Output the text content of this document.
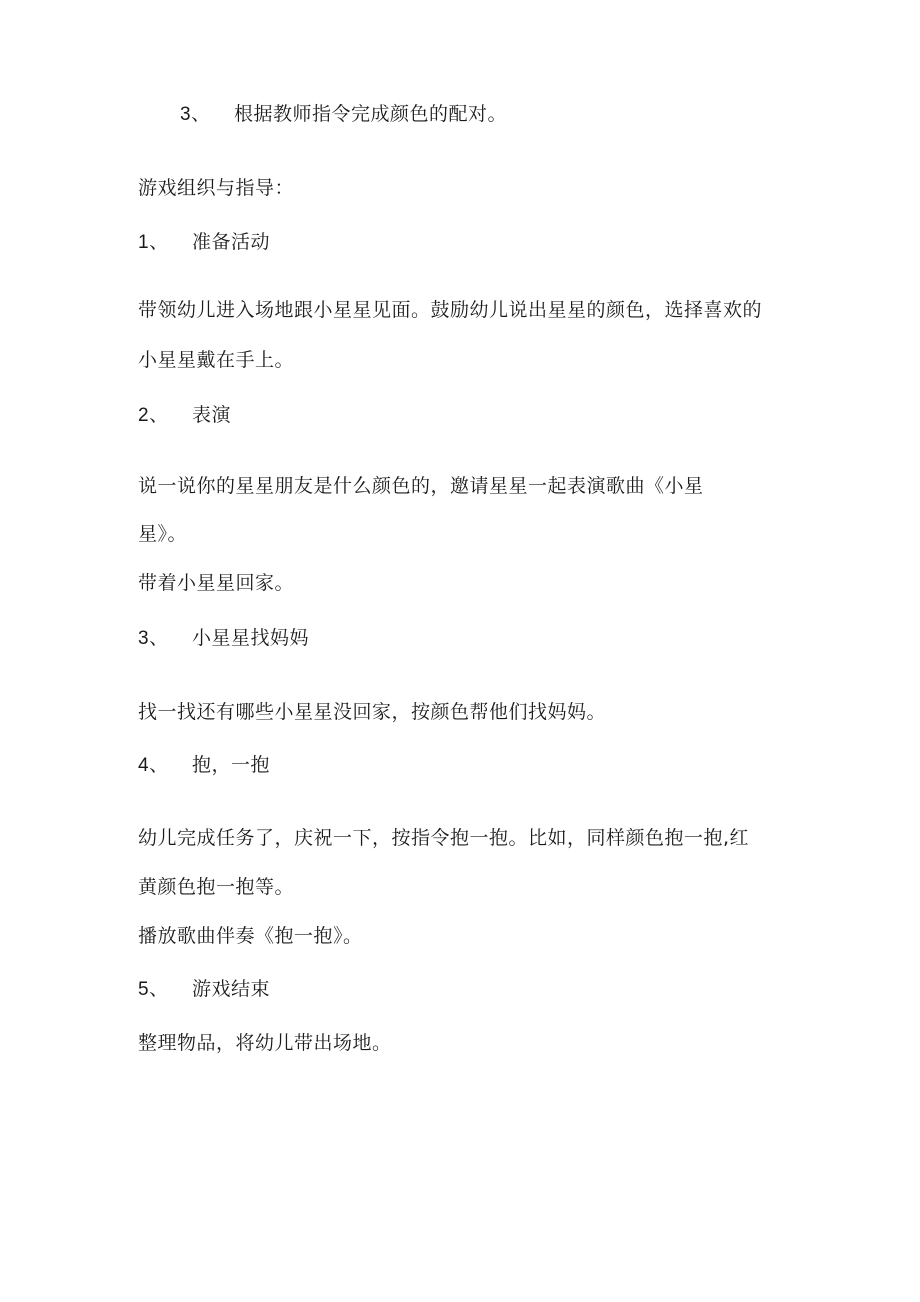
3、 根据教师指令完成颜色的配对。
游戏组织与指导：
1、 准备活动
带领幼儿进入场地跟小星星见面。鼓励幼儿说出星星的颜色，选择喜欢的
小星星戴在手上。
2、 表演
说一说你的星星朋友是什么颜色的，邀请星星一起表演歌曲《小星
星》。
带着小星星回家。
3、 小星星找妈妈
找一找还有哪些小星星没回家，按颜色帮他们找妈妈。
4、 抱，一抱
幼儿完成任务了，庆祝一下，按指令抱一抱。比如，同样颜色抱一抱,红
黄颜色抱一抱等。
播放歌曲伴奏《抱一抱》。
5、 游戏结束
整理物品，将幼儿带出场地。
